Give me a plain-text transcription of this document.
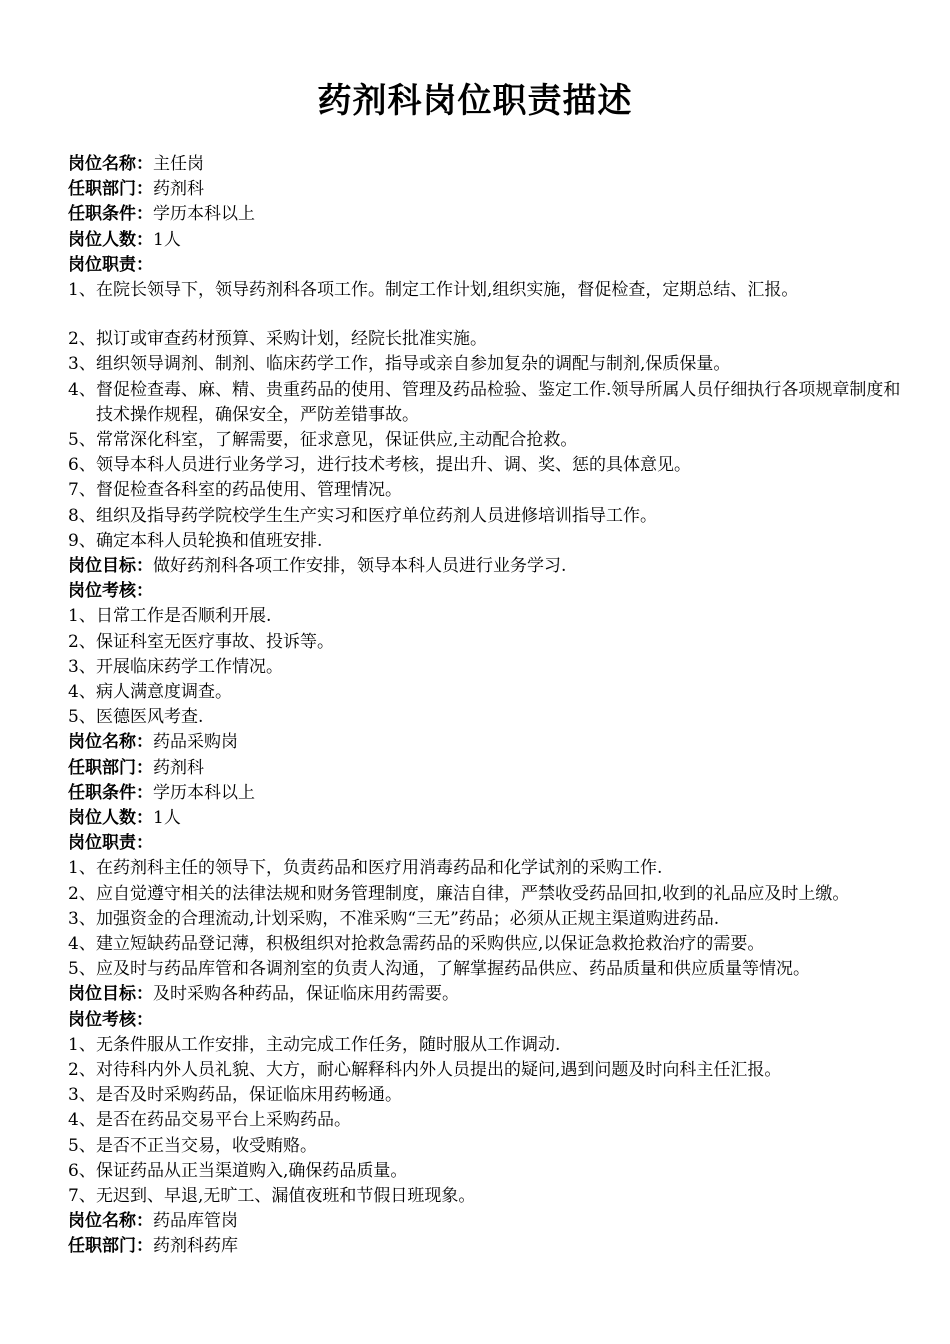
药剂科岗位职责描述
岗位名称：主任岗
任职部门：药剂科
任职条件：学历本科以上
岗位人数：1人
岗位职责：
1、在院长领导下，领导药剂科各项工作。制定工作计划,组织实施，督促检查，定期总结、汇报。
2、拟订或审查药材预算、采购计划，经院长批准实施。
3、组织领导调剂、制剂、临床药学工作，指导或亲自参加复杂的调配与制剂,保质保量。
4、督促检查毒、麻、精、贵重药品的使用、管理及药品检验、鉴定工作.领导所属人员仔细执行各项规章制度和技术操作规程，确保安全，严防差错事故。
5、常常深化科室，了解需要，征求意见，保证供应,主动配合抢救。
6、领导本科人员进行业务学习，进行技术考核，提出升、调、奖、惩的具体意见。
7、督促检查各科室的药品使用、管理情况。
8、组织及指导药学院校学生生产实习和医疗单位药剂人员进修培训指导工作。
9、确定本科人员轮换和值班安排.
岗位目标：做好药剂科各项工作安排，领导本科人员进行业务学习.
岗位考核：
1、日常工作是否顺利开展.
2、保证科室无医疗事故、投诉等。
3、开展临床药学工作情况。
4、病人满意度调查。
5、医德医风考查.
岗位名称：药品采购岗
任职部门：药剂科
任职条件：学历本科以上
岗位人数：1人
岗位职责：
1、在药剂科主任的领导下，负责药品和医疗用消毒药品和化学试剂的采购工作.
2、应自觉遵守相关的法律法规和财务管理制度，廉洁自律，严禁收受药品回扣,收到的礼品应及时上缴。
3、加强资金的合理流动,计划采购，不准采购“三无”药品；必须从正规主渠道购进药品.
4、建立短缺药品登记薄，积极组织对抢救急需药品的采购供应,以保证急救抢救治疗的需要。
5、应及时与药品库管和各调剂室的负责人沟通，了解掌握药品供应、药品质量和供应质量等情况。
岗位目标：及时采购各种药品，保证临床用药需要。
岗位考核：
1、无条件服从工作安排，主动完成工作任务，随时服从工作调动.
2、对待科内外人员礼貌、大方，耐心解释科内外人员提出的疑问,遇到问题及时向科主任汇报。
3、是否及时采购药品，保证临床用药畅通。
4、是否在药品交易平台上采购药品。
5、是否不正当交易，收受贿赂。
6、保证药品从正当渠道购入,确保药品质量。
7、无迟到、早退,无旷工、漏值夜班和节假日班现象。
岗位名称：药品库管岗
任职部门：药剂科药库
